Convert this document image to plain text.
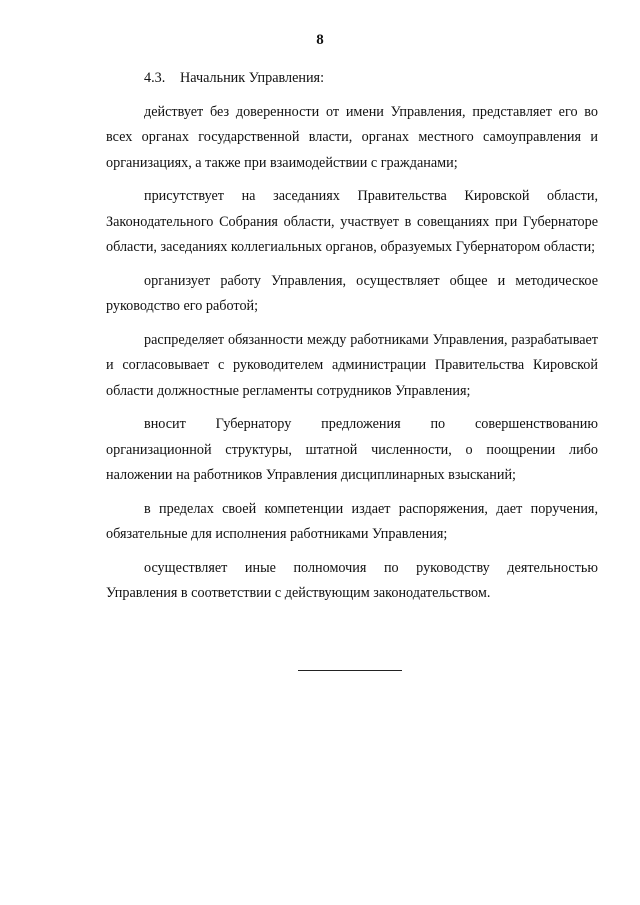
8

4.3. Начальник Управления:

действует без доверенности от имени Управления, представляет его во всех органах государственной власти, органах местного самоуправления и организациях, а также при взаимодействии с гражданами;

присутствует на заседаниях Правительства Кировской области, Законодательного Собрания области, участвует в совещаниях при Губернаторе области, заседаниях коллегиальных органов, образуемых Губернатором области;

организует работу Управления, осуществляет общее и методическое руководство его работой;

распределяет обязанности между работниками Управления, разрабатывает и согласовывает с руководителем администрации Правительства Кировской области должностные регламенты сотрудников Управления;

вносит Губернатору предложения по совершенствованию организационной структуры, штатной численности, о поощрении либо наложении на работников Управления дисциплинарных взысканий;

в пределах своей компетенции издает распоряжения, дает поручения, обязательные для исполнения работниками Управления;

осуществляет иные полномочия по руководству деятельностью Управления в соответствии с действующим законодательством.
